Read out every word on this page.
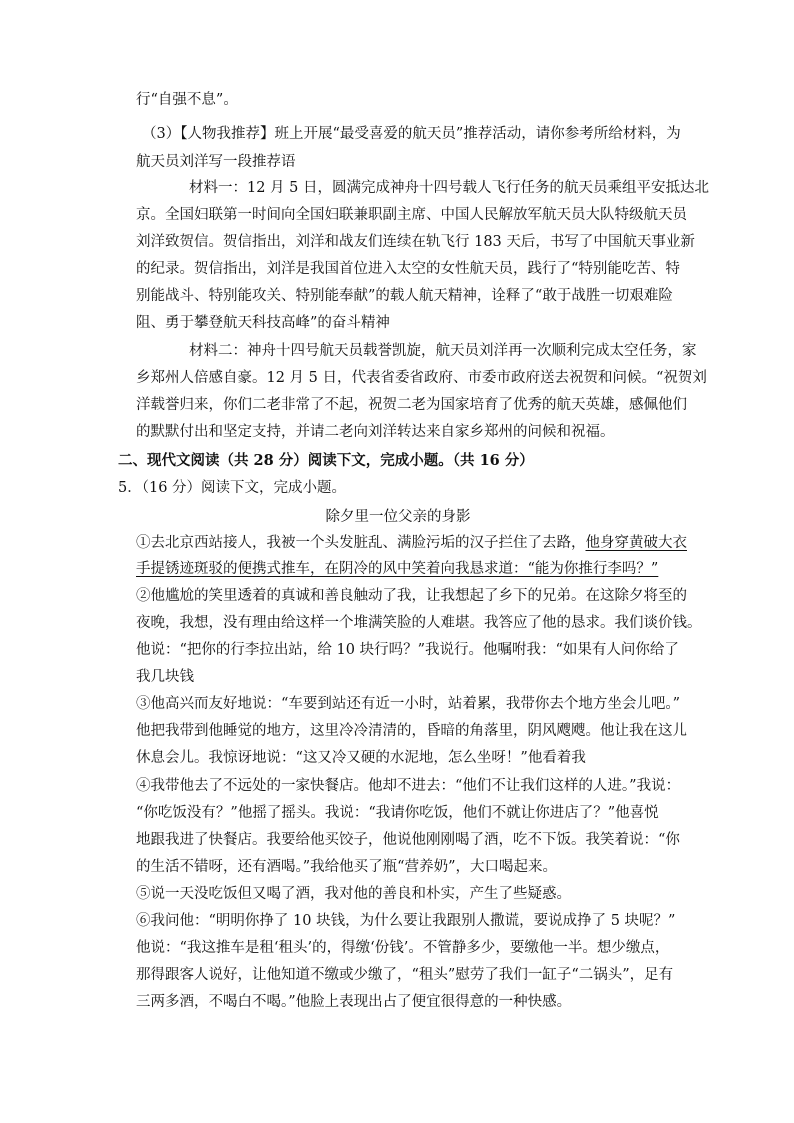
行“自强不息”。
（3）【人物我推荐】班上开展“最受喜爱的航天员”推荐活动，请你参考所给材料，为
航天员刘洋写一段推荐语
材料一：12 月 5 日，圆满完成神舟十四号载人飞行任务的航天员乘组平安抵达北
京。全国妇联第一时间向全国妇联兼职副主席、中国人民解放军航天员大队特级航天员
刘洋致贺信。贺信指出，刘洋和战友们连续在轨飞行 183 天后，书写了中国航天事业新
的纪录。贺信指出，刘洋是我国首位进入太空的女性航天员，践行了“特别能吃苦、特
别能战斗、特别能攻关、特别能奉献”的载人航天精神，诠释了“敢于战胜一切艰难险
阻、勇于攀登航天科技高峰”的奋斗精神
材料二：神舟十四号航天员载誉凯旋，航天员刘洋再一次顺利完成太空任务，家
乡郑州人倍感自豪。12 月 5 日，代表省委省政府、市委市政府送去祝贺和问候。“祝贺刘
洋载誉归来，你们二老非常了不起，祝贺二老为国家培育了优秀的航天英雄，感佩他们
的默默付出和坚定支持，并请二老向刘洋转达来自家乡郑州的问候和祝福。
二、现代文阅读（共 28 分）阅读下文，完成小题。（共 16 分）
5．（16 分）阅读下文，完成小题。
除夕里一位父亲的身影
①去北京西站接人，我被一个头发脏乱、满脸污垢的汉子拦住了去路，他身穿黄破大衣
手提锈迹斑驳的便携式推车，在阴冷的风中笑着向我恳求道：“能为你推行李吗？”
②他尴尬的笑里透着的真诚和善良触动了我，让我想起了乡下的兄弟。在这除夕将至的
夜晚，我想，没有理由给这样一个堆满笑脸的人难堪。我答应了他的恳求。我们谈价钱。
他说：“把你的行李拉出站，给 10 块行吗？”我说行。他嘱咐我：“如果有人问你给了
我几块钱
③他高兴而友好地说：“车要到站还有近一小时，站着累，我带你去个地方坐会儿吧。”
他把我带到他睡觉的地方，这里冷冷清清的，昏暗的角落里，阴风飕飕。他让我在这儿
休息会儿。我惊讶地说：“这又冷又硬的水泥地，怎么坐呀！”他看着我
④我带他去了不远处的一家快餐店。他却不进去：“他们不让我们这样的人进。”我说：
“你吃饭没有？”他摇了摇头。我说：“我请你吃饭，他们不就让你进店了？”他喜悦
地跟我进了快餐店。我要给他买饺子，他说他刚刚喝了酒，吃不下饭。我笑着说：“你
的生活不错呀，还有酒喝。”我给他买了瓶“营养奶”，大口喝起来。
⑤说一天没吃饭但又喝了酒，我对他的善良和朴实，产生了些疑惑。
⑥我问他：“明明你挣了 10 块钱，为什么要让我跟别人撒谎，要说成挣了 5 块呢？”
他说：“我这推车是租‘租头’的，得缴‘份钱’。不管静多少，要缴他一半。想少缴点，
那得跟客人说好，让他知道不缴或少缴了，“租头”慰劳了我们一缸子“二锅头”，足有
三两多酒，不喝白不喝。”他脸上表现出占了便宜很得意的一种快感。
